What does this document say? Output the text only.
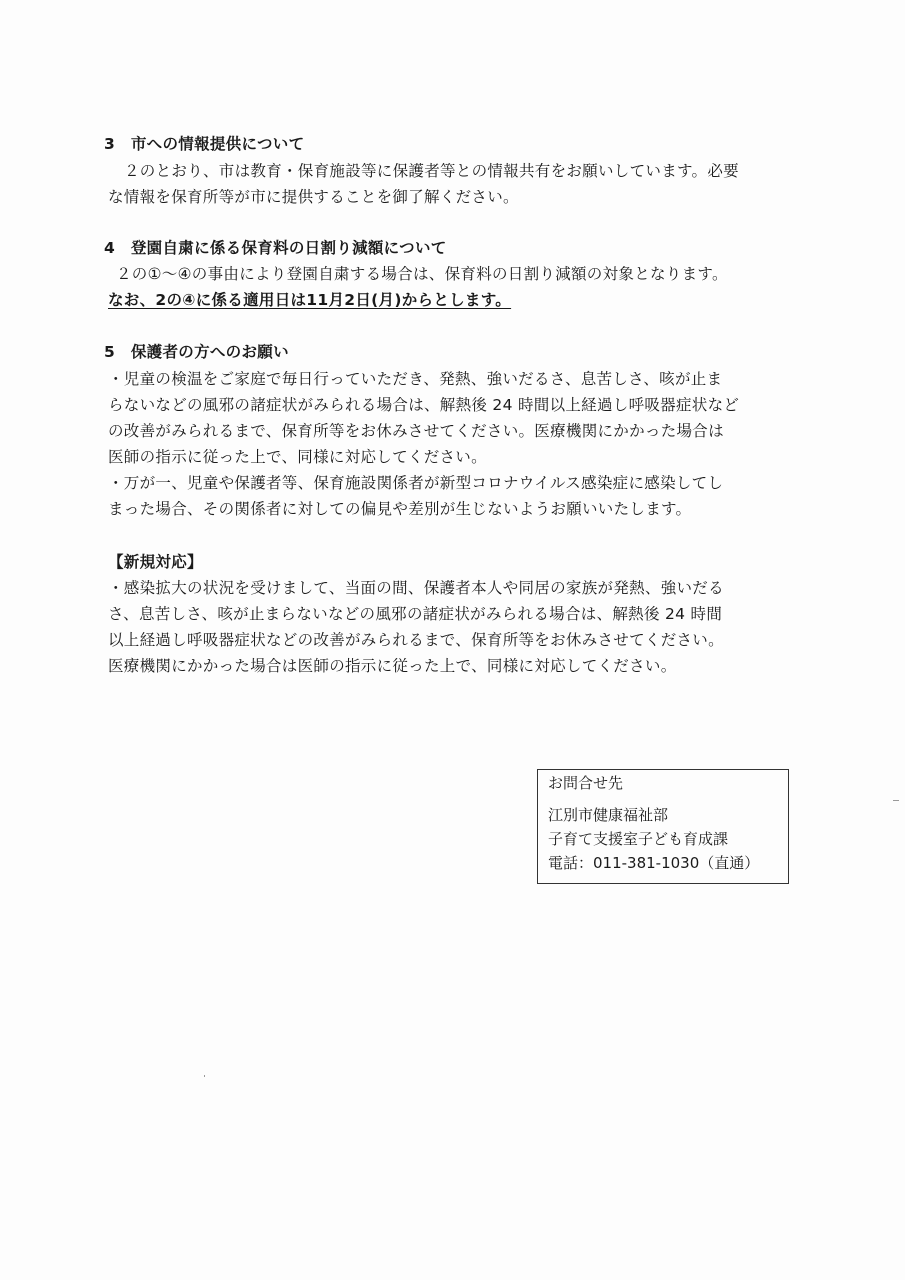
3　市への情報提供について
２のとおり、市は教育・保育施設等に保護者等との情報共有をお願いしています。必要
な情報を保育所等が市に提供することを御了解ください。
4　登園自粛に係る保育料の日割り減額について
２の①～④の事由により登園自粛する場合は、保育料の日割り減額の対象となります。
なお、2の④に係る適用日は11月2日(月)からとします。
5　保護者の方へのお願い
・児童の検温をご家庭で毎日行っていただき、発熱、強いだるさ、息苦しさ、咳が止ま
らないなどの風邪の諸症状がみられる場合は、解熱後 24 時間以上経過し呼吸器症状など
の改善がみられるまで、保育所等をお休みさせてください。医療機関にかかった場合は
医師の指示に従った上で、同様に対応してください。
・万が一、児童や保護者等、保育施設関係者が新型コロナウイルス感染症に感染してし
まった場合、その関係者に対しての偏見や差別が生じないようお願いいたします。
【新規対応】
・感染拡大の状況を受けまして、当面の間、保護者本人や同居の家族が発熱、強いだる
さ、息苦しさ、咳が止まらないなどの風邪の諸症状がみられる場合は、解熱後 24 時間
以上経過し呼吸器症状などの改善がみられるまで、保育所等をお休みさせてください。
医療機関にかかった場合は医師の指示に従った上で、同様に対応してください。
お問合せ先
江別市健康福祉部
子育て支援室子ども育成課
電話：011-381-1030（直通）
